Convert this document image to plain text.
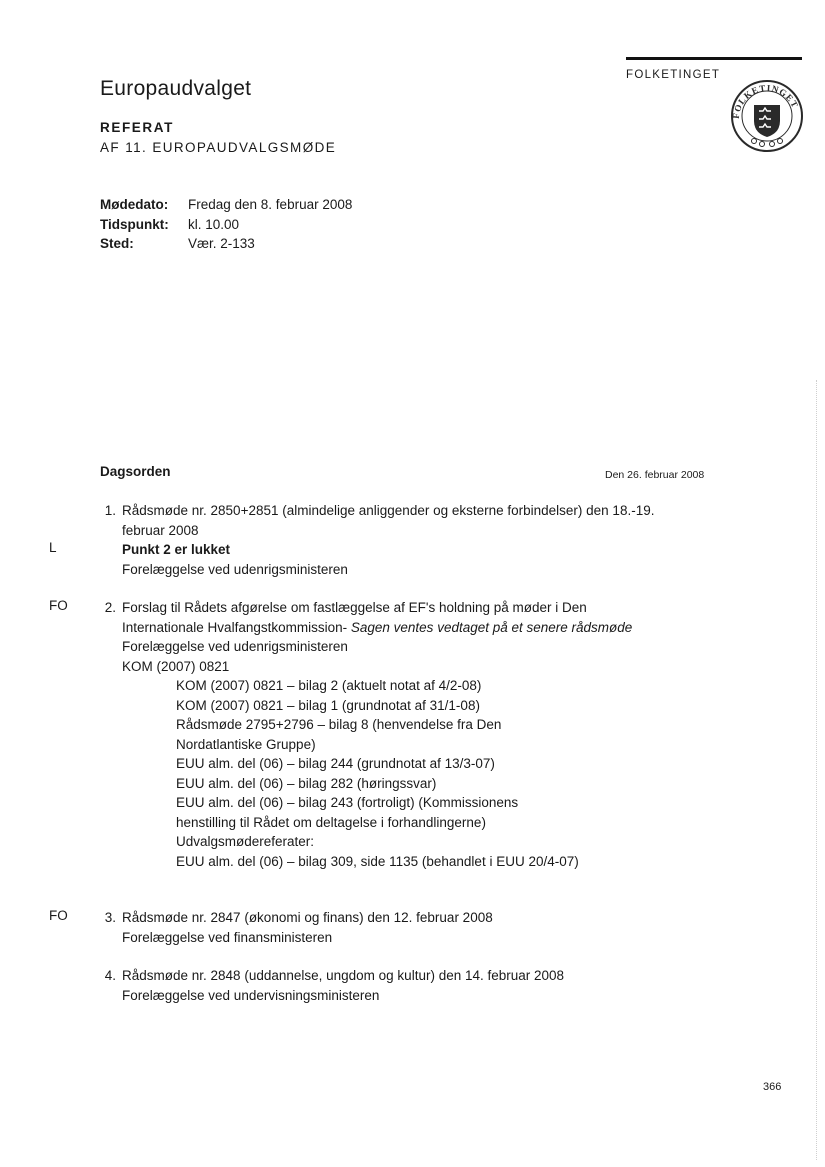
FOLKETINGET
FOLKETINGET
Europaudvalget
REFERAT
AF 11. EUROPAUDVALGSMØDE
Mødedato:	Fredag den 8. februar 2008
Tidspunkt:	kl. 10.00
Sted:	Vær. 2-133
Dagsorden	Den 26. februar 2008
L
1. Rådsmøde nr. 2850+2851 (almindelige anliggender og eksterne forbindelser) den 18.-19. februar 2008
Punkt 2 er lukket
Forelæggelse ved udenrigsministeren
FO	2. Forslag til Rådets afgørelse om fastlæggelse af EF's holdning på møder i Den Internationale Hvalfangstkommission- Sagen ventes vedtaget på et senere rådsmøde
Forelæggelse ved udenrigsministeren
KOM (2007) 0821
KOM (2007) 0821 – bilag 2 (aktuelt notat af 4/2-08)
KOM (2007) 0821 – bilag 1 (grundnotat af 31/1-08)
Rådsmøde 2795+2796 – bilag 8 (henvendelse fra Den Nordatlantiske Gruppe)
EUU alm. del (06) – bilag 244 (grundnotat af 13/3-07)
EUU alm. del (06) – bilag 282 (høringssvar)
EUU alm. del (06) – bilag 243 (fortroligt) (Kommissionens henstilling til Rådet om deltagelse i forhandlingerne)
Udvalgsmødereferater:
EUU alm. del (06) – bilag 309, side 1135 (behandlet i EUU 20/4-07)
FO	3. Rådsmøde nr. 2847 (økonomi og finans) den 12. februar 2008
Forelæggelse ved finansministeren
4. Rådsmøde nr. 2848 (uddannelse, ungdom og kultur) den 14. februar 2008
Forelæggelse ved undervisningsministeren
366
